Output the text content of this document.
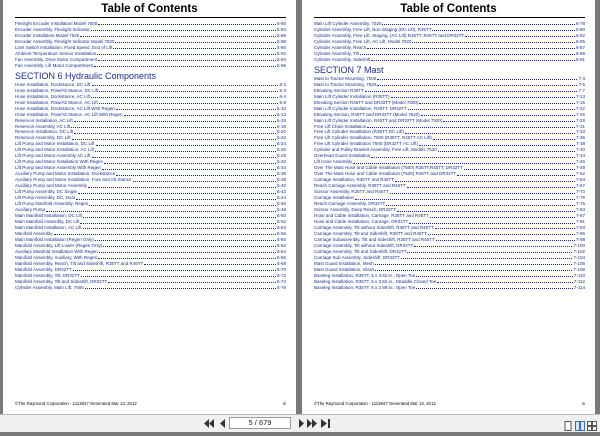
Table of Contents
Flexlight Encoder Installation Model 7500	5-80
Encoder Assembly, Flexlight Indicator	5-84
Encoder Installation Model 7520	5-86
Encoder Assembly, Flexlight Indicator Model 7520	5-88
Limit Switch Installation, Fixed Speed, End of Lift	5-90
Ambient Temperature Sensor Installation	5-92
Fan Assembly, Drive Motor Compartment	5-94
Fan Assembly, Lift Motor Compartment	5-96
SECTION 6 Hydraulic Components
Hose Installation, Dockstance, DC Lift	6-2
Hose Installation, Flow/Alt Stance, DC Lift	6-3
Hose Installation, Dockstance, AC Lift	6-4
Hose Installation, Flow/Alt Stance, AC Lift	6-8
Hose Installation, Dockstance, AC Lift With Regen	6-10
Hose Installation, Flow/Alt Stance, AC Lift With Regen	6-13
Reservoir Installation, AC Lift	6-16
Reservoir Assembly, AC Lift	6-18
Reservoir Installation, DC Lift	6-20
Reservoir Assembly, DC Lift	6-22
Lift Pump and Motor Installation, DC Lift	6-24
Lift Pump and Motor Installation, AC Lift	6-26
Lift Pump and Motor Assembly AC Lift	6-28
Lift Pump and Motor Installation With Regen	6-32
Lift Pump and Motor Assembly With Regen	6-34
Auxiliary Pump and Motor Installation, Dockstance	6-36
Auxiliary Pump and Motor Installation, Fore and Aft Stance	6-38
Auxiliary Pump and Motor Assembly	6-40
Lift Pump Assembly, DC Single	6-42
Lift Pump Assembly, DC, Dual	6-44
Lift Pump Manifold Assembly, Regen	6-46
Auxiliary Pump	6-48
Main Manifold Installation, DC Lift	6-50
Main Manifold Assembly, DC Lift	6-52
Main Manifold Installation, AC Lift	6-54
Manifold Assembly	6-56
Main Manifold Installation (Regen Only)	6-60
Manifold Assembly, Lift Lower (Regen Only)	6-62
Auxiliary Manifold Installation With Regen	6-64
Manifold Assembly, Auxiliary, With Regen	6-66
Manifold Assembly, Reach, Tilt and Sideshift, R35TT and R45TT	6-68
Manifold Assembly, DR32TT	6-70
Manifold Assembly, Tilt, DR32TT	6-72
Manifold Assembly, Tilt and Sideshift, DR32TT	6-74
Cylinder Assembly, Main Lift, 7500	6-76
©The Raymond Corporation - 1113847 Generated Mar 13, 2012	iii
Table of Contents
Main Lift Cylinder Assembly, 7520	6-78
Cylinder Assembly, Free Lift, Non-Staging (DC Lift), R35TT	6-80
Cylinder Assembly, Free Lift, Staging, (AC Lift) R35TT, R45TT and DR32TT	6-82
Cylinder Assembly, Free Lift, AC Lift, Model 7520	6-85
Cylinder Assembly, Reach	6-87
Cylinder Assembly, Tilt	6-89
Cylinder Assembly, Sideshift	6-91
SECTION 7 Mast
Mast to Tractor Mounting, 7500	7-3
Mast to Tractor Mounting, 7520	7-5
Elevating Section R35TT	7-7
Main Lift Cylinder Installation (R35TT)	7-13
Elevating Section R45TT and DR32TT (Model 7500)	7-16
Main Lift Cylinder Installation, R45TT, DR32TT	7-22
Elevating Section, R45TT and DR32TT (Model 7520)	7-25
Main Lift Cylinder Installation, R45TT and DR32TT (Model 7520)	7-29
Free Lift Chain Installation	7-31
Free Lift Cylinder Installation (R35TT DC Lift)	7-33
Free Lift Cylinder Installation, 7500 (R35TT, R45TT AC Lift)	7-36
Free Lift Cylinder Installation 7500 (DR32TT AC Lift)	7-38
Cylinder and Pulley Bracket Assembly, Free Lift, Models 7520	7-40
Overhead Guard Installation	7-44
Lift Hose Assembly	7-46
Over The Mast Hose and Cable Installation (7500) R35TT,R45TT, DR32TT	7-48
Over The Mast Hose and Cable Installation (7520) R45TT and DR32TT	7-52
Carriage Installation, R35TT and R45TT	7-54
Reach Carriage Assembly, R35TT and R45TT	7-57
Scissor Assembly, R35TT and R45TT	7-73
Carriage Installation	7-75
Reach Carriage Assembly, DR32TT	7-76
Scissor Assembly, Deep Reach, DR32TT	7-83
Hose and Cable Installation, Carriage, R35TT and R45TT	7-87
Hose and Cable Installation, Carriage, DR32TT	7-91
Carriage Assembly, Tilt without Sideshift, R35TT and R45TT	7-93
Carriage Assembly, Tilt and Sideshift, R35TT and R45TT	7-96
Carriage Subassembly, Tilt and Sideshift, R35TT and R45TT	7-98
Carriage Assembly, Tilt without Sideshift, DR32TT	7-100
Carriage Assembly, Tilt and Sideshift, DR32TT	7-102
Carriage Sub Assembly, Sideshift, DR32TT	7-104
Mast Guard Installation, Mesh	7-106
Mast Guard Installation, Glass	7-108
Baseleg Installation, R35TT, 5 x 3.62 in., Open Toe	7-110
Baseleg Installation, R35TT, 5 x 3.62 in., Straddle Closed Toe	7-112
Baseleg Installation, R35TT, 5 x 2.88 in., Open Toe	7-114
©The Raymond Corporation - 1113847 Generated Mar 13, 2012	iv
5 / 679
